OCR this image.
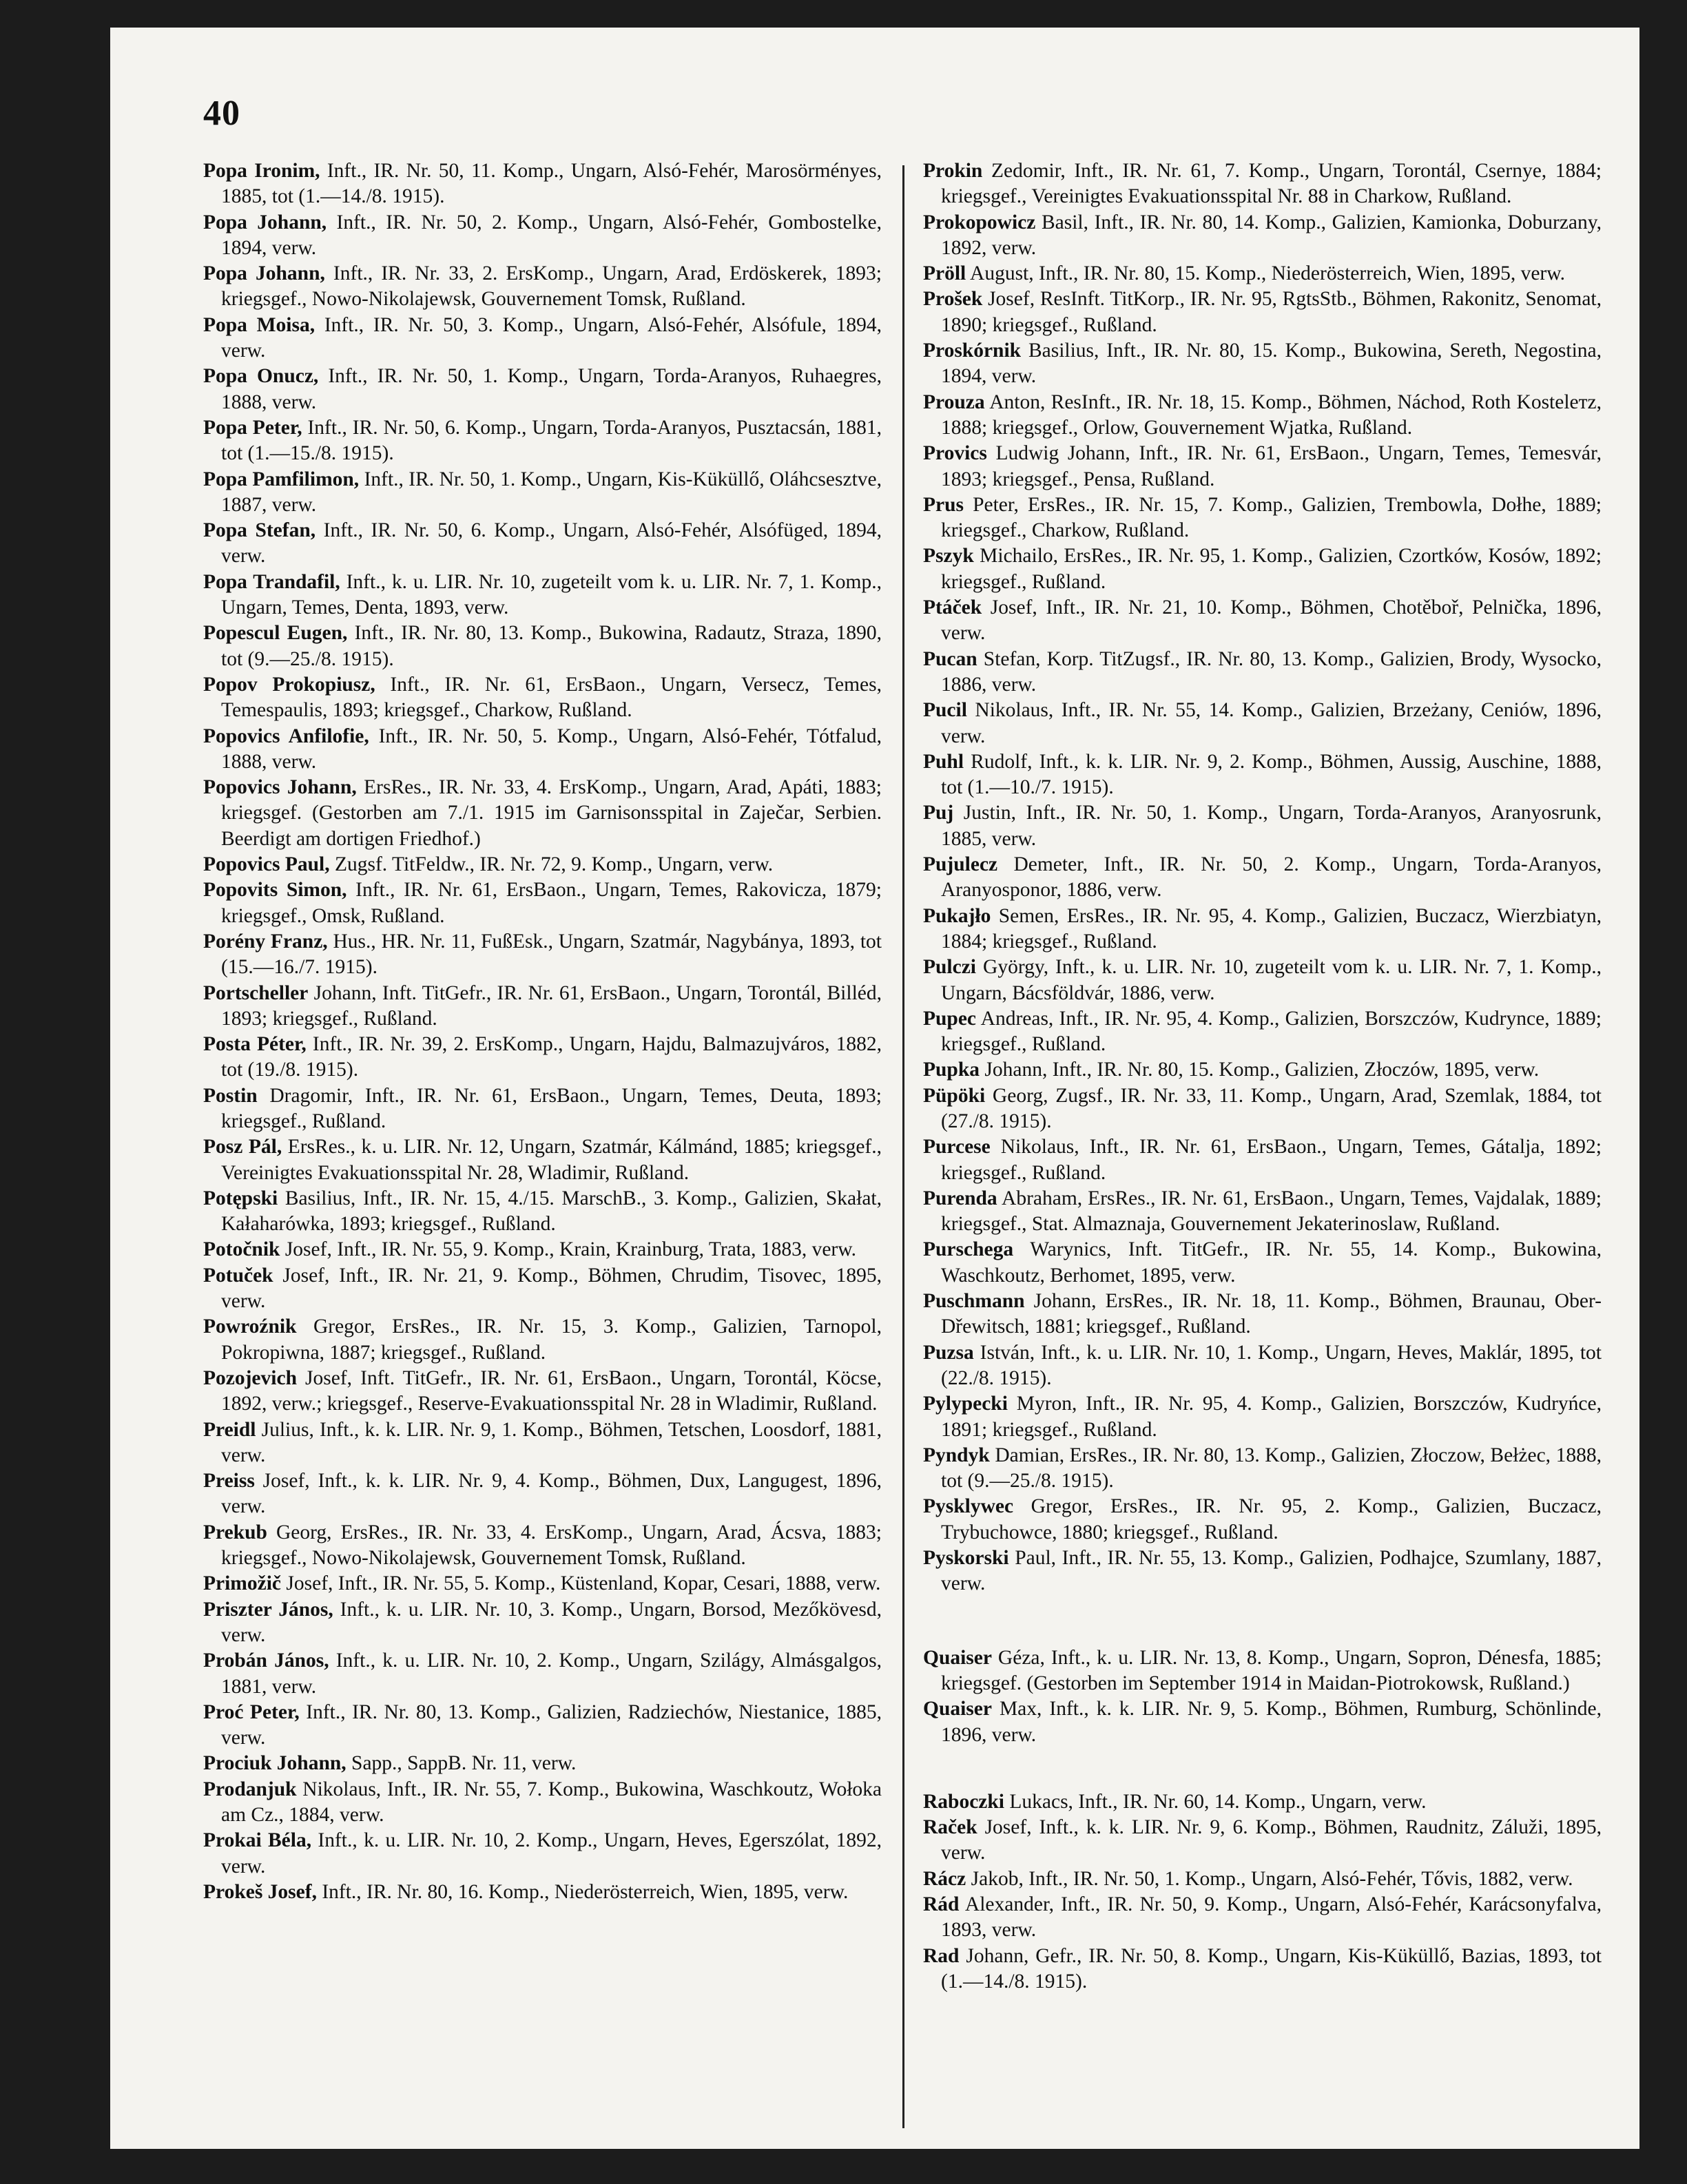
40

Popa Ironim, Inft., IR. Nr. 50, 11. Komp., Ungarn, Alsó-Fehér, Marosörményes, 1885, tot (1.—14./8. 1915).

Popa Johann, Inft., IR. Nr. 50, 2. Komp., Ungarn, Alsó-Fehér, Gombostelke, 1894, verw.

Popa Johann, Inft., IR. Nr. 33, 2. ErsKomp., Ungarn, Arad, Erdöskerek, 1893; kriegsgef., Nowo-Nikolajewsk, Gouvernement Tomsk, Rußland.

Popa Moisa, Inft., IR. Nr. 50, 3. Komp., Ungarn, Alsó-Fehér, Alsófule, 1894, verw.

Popa Onucz, Inft., IR. Nr. 50, 1. Komp., Ungarn, Torda-Aranyos, Ruhaegres, 1888, verw.

Popa Peter, Inft., IR. Nr. 50, 6. Komp., Ungarn, Torda-Aranyos, Pusztacsán, 1881, tot (1.—15./8. 1915).

Popa Pamfilimon, Inft., IR. Nr. 50, 1. Komp., Ungarn, Kis-Küküllő, Oláhcsesztve, 1887, verw.

Popa Stefan, Inft., IR. Nr. 50, 6. Komp., Ungarn, Alsó-Fehér, Alsófüged, 1894, verw.

Popa Trandafil, Inft., k. u. LIR. Nr. 10, zugeteilt vom k. u. LIR. Nr. 7, 1. Komp., Ungarn, Temes, Denta, 1893, verw.

Popescul Eugen, Inft., IR. Nr. 80, 13. Komp., Bukowina, Radautz, Straza, 1890, tot (9.—25./8. 1915).

Popov Prokopiusz, Inft., IR. Nr. 61, ErsBaon., Ungarn, Versecz, Temes, Temespaulis, 1893; kriegsgef., Charkow, Rußland.

Popovics Anfilofie, Inft., IR. Nr. 50, 5. Komp., Ungarn, Alsó-Fehér, Tótfalud, 1888, verw.

Popovics Johann, ErsRes., IR. Nr. 33, 4. ErsKomp., Ungarn, Arad, Apáti, 1883; kriegsgef. (Gestorben am 7./1. 1915 im Garnisonsspital in Zaječar, Serbien. Beerdigt am dortigen Friedhof.)

Popovics Paul, Zugsf. TitFeldw., IR. Nr. 72, 9. Komp., Ungarn, verw.

Popovits Simon, Inft., IR. Nr. 61, ErsBaon., Ungarn, Temes, Rakovicza, 1879; kriegsgef., Omsk, Rußland.

Porény Franz, Hus., HR. Nr. 11, FußEsk., Ungarn, Szatmár, Nagybánya, 1893, tot (15.—16./7. 1915).

Portscheller Johann, Inft. TitGefr., IR. Nr. 61, ErsBaon., Ungarn, Torontál, Billéd, 1893; kriegsgef., Rußland.

Posta Péter, Inft., IR. Nr. 39, 2. ErsKomp., Ungarn, Hajdu, Balmazujváros, 1882, tot (19./8. 1915).

Postin Dragomir, Inft., IR. Nr. 61, ErsBaon., Ungarn, Temes, Deuta, 1893; kriegsgef., Rußland.

Posz Pál, ErsRes., k. u. LIR. Nr. 12, Ungarn, Szatmár, Kálmánd, 1885; kriegsgef., Vereinigtes Evakuationsspital Nr. 28, Wladimir, Rußland.

Potępski Basilius, Inft., IR. Nr. 15, 4./15. MarschB., 3. Komp., Galizien, Skałat, Kałaharówka, 1893; kriegsgef., Rußland.

Potočnik Josef, Inft., IR. Nr. 55, 9. Komp., Krain, Krainburg, Trata, 1883, verw.

Potuček Josef, Inft., IR. Nr. 21, 9. Komp., Böhmen, Chrudim, Tisovec, 1895, verw.

Powroźnik Gregor, ErsRes., IR. Nr. 15, 3. Komp., Galizien, Tarnopol, Pokropiwna, 1887; kriegsgef., Rußland.

Pozojevich Josef, Inft. TitGefr., IR. Nr. 61, ErsBaon., Ungarn, Torontál, Köcse, 1892, verw.; kriegsgef., Reserve-Evakuationsspital Nr. 28 in Wladimir, Rußland.

Preidl Julius, Inft., k. k. LIR. Nr. 9, 1. Komp., Böhmen, Tetschen, Loosdorf, 1881, verw.

Preiss Josef, Inft., k. k. LIR. Nr. 9, 4. Komp., Böhmen, Dux, Langugest, 1896, verw.

Prekub Georg, ErsRes., IR. Nr. 33, 4. ErsKomp., Ungarn, Arad, Ácsva, 1883; kriegsgef., Nowo-Nikolajewsk, Gouvernement Tomsk, Rußland.

Primožič Josef, Inft., IR. Nr. 55, 5. Komp., Küstenland, Kopar, Cesari, 1888, verw.

Priszter János, Inft., k. u. LIR. Nr. 10, 3. Komp., Ungarn, Borsod, Mezőkövesd, verw.

Probán János, Inft., k. u. LIR. Nr. 10, 2. Komp., Ungarn, Szilágy, Almásgalgos, 1881, verw.

Proć Peter, Inft., IR. Nr. 80, 13. Komp., Galizien, Radziechów, Niestanice, 1885, verw.

Prociuk Johann, Sapp., SappB. Nr. 11, verw.

Prodanjuk Nikolaus, Inft., IR. Nr. 55, 7. Komp., Bukowina, Waschkoutz, Wołoka am Cz., 1884, verw.

Prokai Béla, Inft., k. u. LIR. Nr. 10, 2. Komp., Ungarn, Heves, Egerszólat, 1892, verw.

Prokeš Josef, Inft., IR. Nr. 80, 16. Komp., Niederösterreich, Wien, 1895, verw.

Prokin Zedomir, Inft., IR. Nr. 61, 7. Komp., Ungarn, Torontál, Csernye, 1884; kriegsgef., Vereinigtes Evakuationsspital Nr. 88 in Charkow, Rußland.

Prokopowicz Basil, Inft., IR. Nr. 80, 14. Komp., Galizien, Kamionka, Doburzany, 1892, verw.

Pröll August, Inft., IR. Nr. 80, 15. Komp., Niederösterreich, Wien, 1895, verw.

Prošek Josef, ResInft. TitKorp., IR. Nr. 95, RgtsStb., Böhmen, Rakonitz, Senomat, 1890; kriegsgef., Rußland.

Proskórnik Basilius, Inft., IR. Nr. 80, 15. Komp., Bukowina, Sereth, Negostina, 1894, verw.

Prouza Anton, ResInft., IR. Nr. 18, 15. Komp., Böhmen, Náchod, Roth Kostelетz, 1888; kriegsgef., Orlow, Gouvernement Wjatka, Rußland.

Provics Ludwig Johann, Inft., IR. Nr. 61, ErsBaon., Ungarn, Temes, Temesvár, 1893; kriegsgef., Pensa, Rußland.

Prus Peter, ErsRes., IR. Nr. 15, 7. Komp., Galizien, Trembowla, Dołhe, 1889; kriegsgef., Charkow, Rußland.

Pszyk Michailo, ErsRes., IR. Nr. 95, 1. Komp., Galizien, Czortków, Kosów, 1892; kriegsgef., Rußland.

Ptáček Josef, Inft., IR. Nr. 21, 10. Komp., Böhmen, Chotěboř, Pelnička, 1896, verw.

Pucan Stefan, Korp. TitZugsf., IR. Nr. 80, 13. Komp., Galizien, Brody, Wysocko, 1886, verw.

Pucil Nikolaus, Inft., IR. Nr. 55, 14. Komp., Galizien, Brzeżany, Ceniów, 1896, verw.

Puhl Rudolf, Inft., k. k. LIR. Nr. 9, 2. Komp., Böhmen, Aussig, Auschine, 1888, tot (1.—10./7. 1915).

Puj Justin, Inft., IR. Nr. 50, 1. Komp., Ungarn, Torda-Aranyos, Aranyosrunk, 1885, verw.

Pujulecz Demeter, Inft., IR. Nr. 50, 2. Komp., Ungarn, Torda-Aranyos, Aranyosponor, 1886, verw.

Pukajło Semen, ErsRes., IR. Nr. 95, 4. Komp., Galizien, Buczacz, Wierzbiatyn, 1884; kriegsgef., Rußland.

Pulczi György, Inft., k. u. LIR. Nr. 10, zugeteilt vom k. u. LIR. Nr. 7, 1. Komp., Ungarn, Bácsföldvár, 1886, verw.

Pupec Andreas, Inft., IR. Nr. 95, 4. Komp., Galizien, Borszczów, Kudrynce, 1889; kriegsgef., Rußland.

Pupka Johann, Inft., IR. Nr. 80, 15. Komp., Galizien, Złoczów, 1895, verw.

Püpöki Georg, Zugsf., IR. Nr. 33, 11. Komp., Ungarn, Arad, Szemlak, 1884, tot (27./8. 1915).

Purcese Nikolaus, Inft., IR. Nr. 61, ErsBaon., Ungarn, Temes, Gátalja, 1892; kriegsgef., Rußland.

Purenda Abraham, ErsRes., IR. Nr. 61, ErsBaon., Ungarn, Temes, Vajdalak, 1889; kriegsgef., Stat. Almaznaja, Gouvernement Jekaterinoslaw, Rußland.

Purschega Warynics, Inft. TitGefr., IR. Nr. 55, 14. Komp., Bukowina, Waschkoutz, Berhomet, 1895, verw.

Puschmann Johann, ErsRes., IR. Nr. 18, 11. Komp., Böhmen, Braunau, Ober-Dřewitsch, 1881; kriegsgef., Rußland.

Puzsa István, Inft., k. u. LIR. Nr. 10, 1. Komp., Ungarn, Heves, Maklár, 1895, tot (22./8. 1915).

Pylypecki Myron, Inft., IR. Nr. 95, 4. Komp., Galizien, Borszczów, Kudryńce, 1891; kriegsgef., Rußland.

Pyndyk Damian, ErsRes., IR. Nr. 80, 13. Komp., Galizien, Złoczow, Bełżec, 1888, tot (9.—25./8. 1915).

Pysklywec Gregor, ErsRes., IR. Nr. 95, 2. Komp., Galizien, Buczacz, Trybuchowce, 1880; kriegsgef., Rußland.

Pyskorski Paul, Inft., IR. Nr. 55, 13. Komp., Galizien, Podhajce, Szumlany, 1887, verw.

Quaiser Géza, Inft., k. u. LIR. Nr. 13, 8. Komp., Ungarn, Sopron, Dénesfa, 1885; kriegsgef. (Gestorben im September 1914 in Maidan-Piotrokowsk, Rußland.)

Quaiser Max, Inft., k. k. LIR. Nr. 9, 5. Komp., Böhmen, Rumburg, Schönlinde, 1896, verw.

Raboczki Lukacs, Inft., IR. Nr. 60, 14. Komp., Ungarn, verw.

Raček Josef, Inft., k. k. LIR. Nr. 9, 6. Komp., Böhmen, Raudnitz, Záluži, 1895, verw.

Rácz Jakob, Inft., IR. Nr. 50, 1. Komp., Ungarn, Alsó-Fehér, Tővis, 1882, verw.

Rád Alexander, Inft., IR. Nr. 50, 9. Komp., Ungarn, Alsó-Fehér, Karácsonyfalva, 1893, verw.

Rad Johann, Gefr., IR. Nr. 50, 8. Komp., Ungarn, Kis-Küküllő, Bazias, 1893, tot (1.—14./8. 1915).
